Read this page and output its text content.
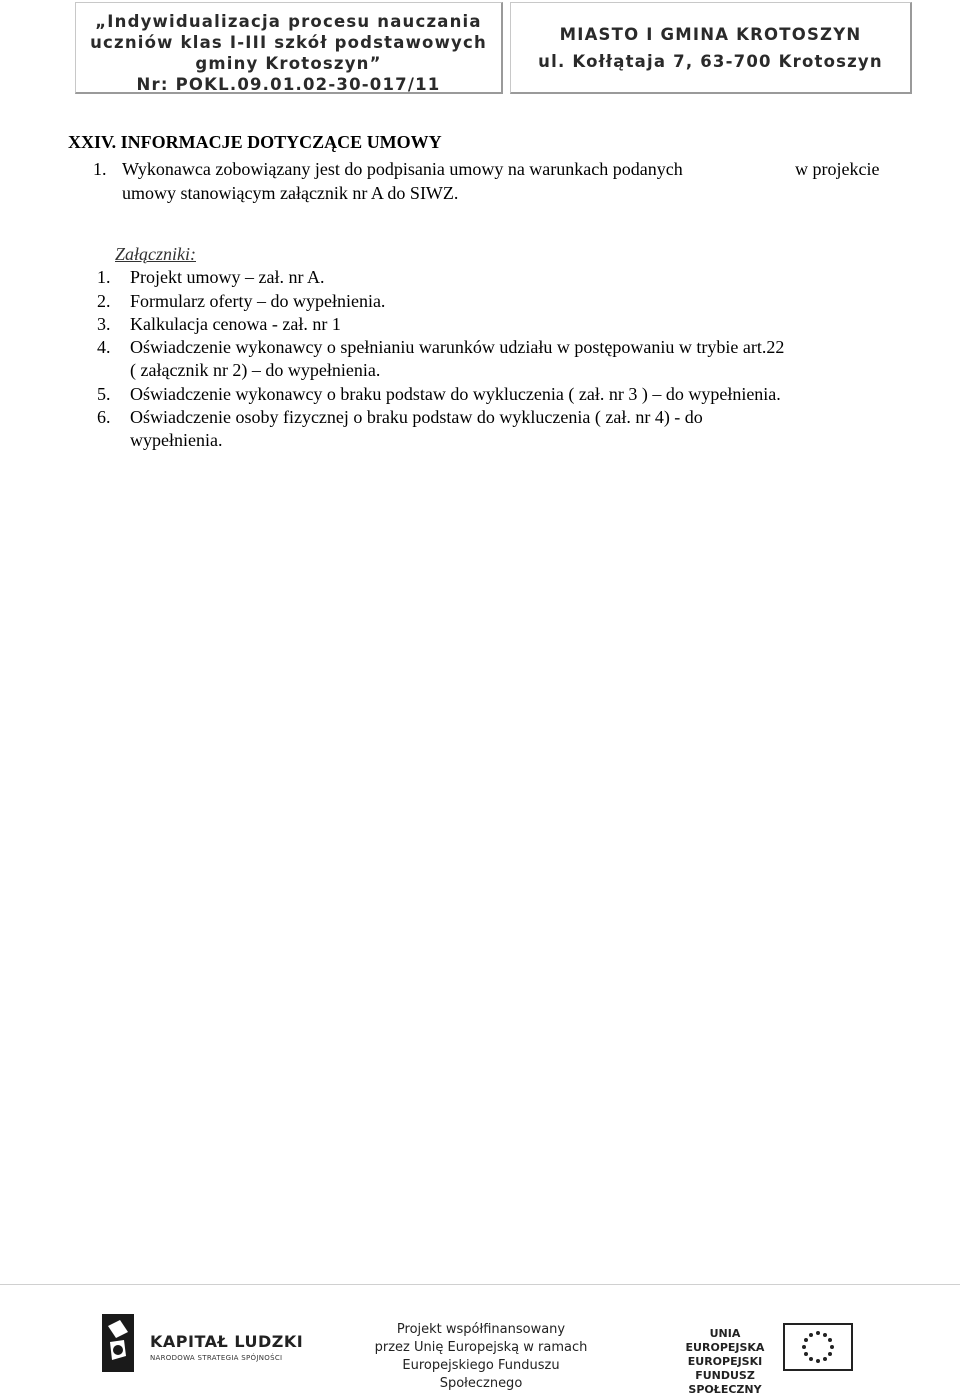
„Indywidualizacja procesu nauczania
uczniów klas I-III szkół podstawowych
gminy Krotoszyn”
Nr: POKL.09.01.02-30-017/11
MIASTO I GMINA KROTOSZYN
ul. Kołłątaja 7, 63-700 Krotoszyn
XXIV. INFORMACJE DOTYCZĄCE UMOWY
1. Wykonawca zobowiązany jest do podpisania umowy na warunkach podanych	w projekcie
umowy stanowiącym załącznik nr A do SIWZ.
Załączniki:
1. Projekt umowy – zał. nr A.
2. Formularz oferty – do wypełnienia.
3. Kalkulacja cenowa - zał. nr 1
4. Oświadczenie wykonawcy o spełnianiu warunków udziału w postępowaniu w trybie art.22
( załącznik nr 2) – do wypełnienia.
5. Oświadczenie wykonawcy o braku podstaw do wykluczenia ( zał. nr 3 ) – do wypełnienia.
6. Oświadczenie osoby fizycznej o braku podstaw do wykluczenia ( zał. nr 4) - do
wypełnienia.
KAPITAŁ LUDZKI
NARODOWA STRATEGIA SPÓJNOŚCI
Projekt współfinansowany
przez Unię Europejską w ramach
Europejskiego Funduszu Społecznego
UNIA EUROPEJSKA
EUROPEJSKI
FUNDUSZ SPOŁECZNY
